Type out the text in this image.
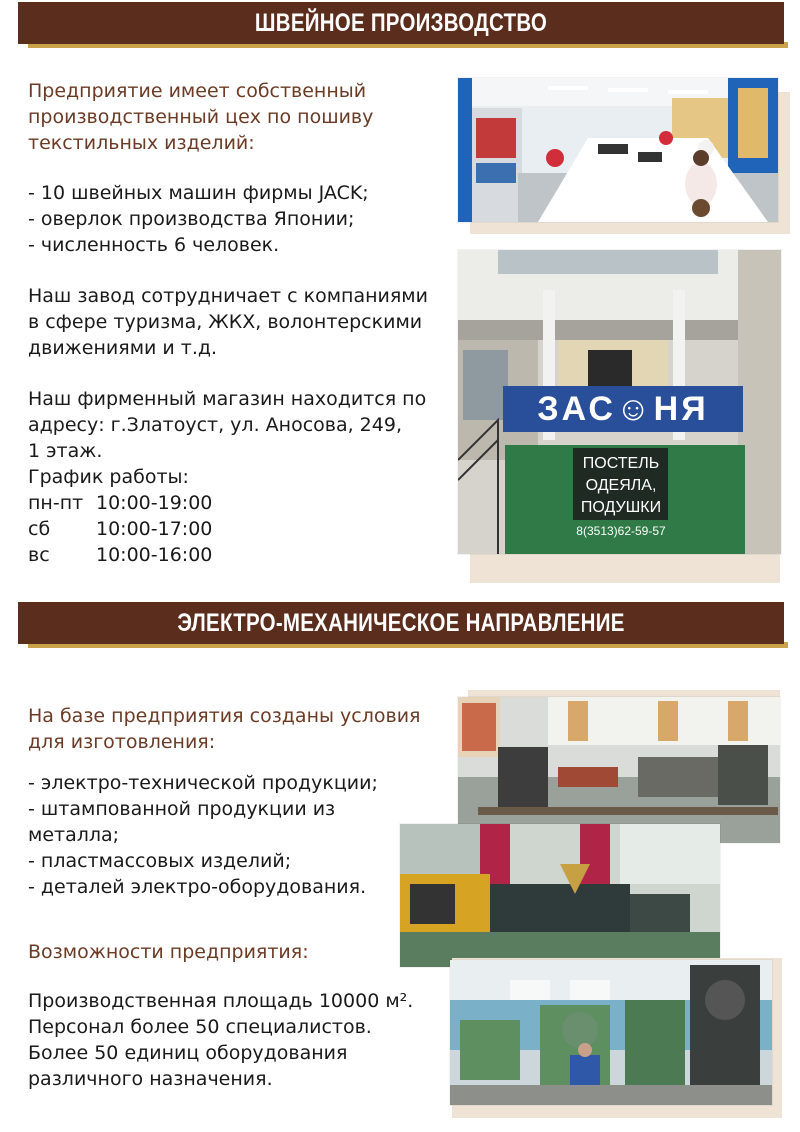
ШВЕЙНОЕ ПРОИЗВОДСТВО

Предприятие имеет собственный

производственный цех по пошиву

текстильных изделий:

- 10 швейных машин фирмы JACK;

- оверлок производства Японии;

- численность 6 человек.

Наш завод сотрудничает с компаниями

в сфере туризма, ЖКХ, волонтерскими

движениями и т.д.

Наш фирменный магазин находится по

адресу: г.Златоуст, ул. Аносова, 249,

1 этаж.

График работы:

пн-пт 10:00-19:00
сб	10:00-17:00
вс	10:00-16:00
ЗАС☺НЯ
ПОСТЕЛЬ
ОДЕЯЛА,
ПОДУШКИ
8(3513)62-59-57
ЭЛЕКТРО-МЕХАНИЧЕСКОЕ НАПРАВЛЕНИЕ

На базе предприятия созданы условия

для изготовления:

- электро-технической продукции;

- штампованной продукции из

металла;

- пластмассовых изделий;

- деталей электро-оборудования.

Возможности предприятия:

Производственная площадь 10000 м².

Персонал более 50 специалистов.

Более 50 единиц оборудования

различного назначения.
